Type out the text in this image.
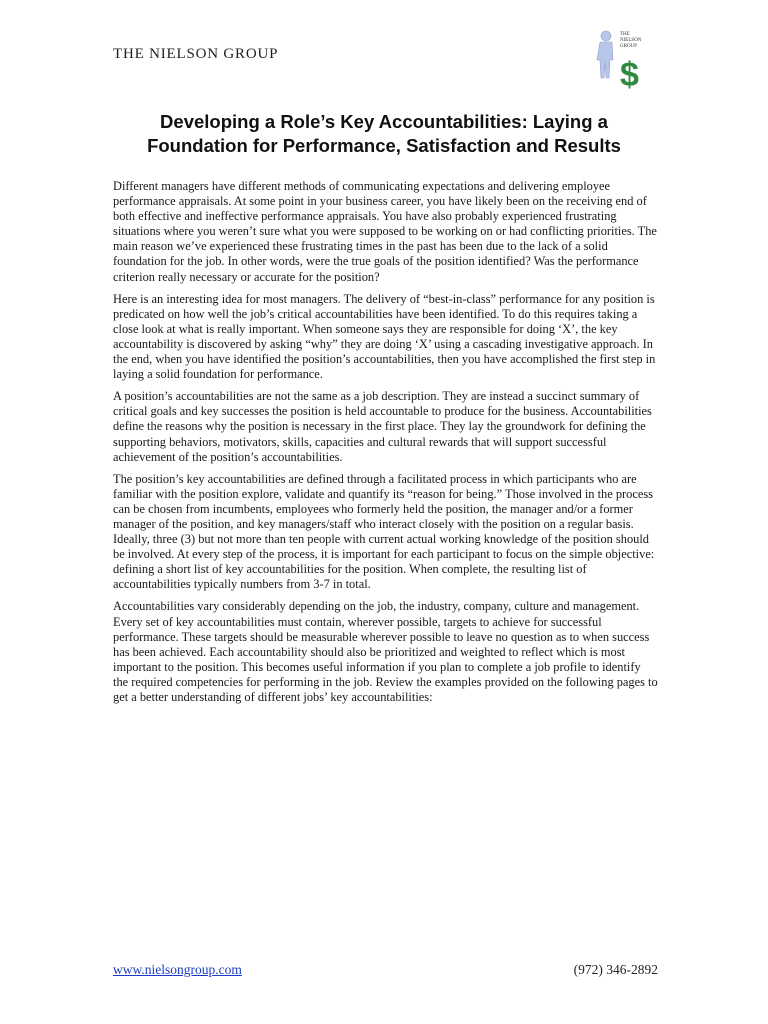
THE NIELSON GROUP
$
THE
NIELSON
GROUP
Developing a Role’s Key Accountabilities: Laying a
Foundation for Performance, Satisfaction and Results

Different managers have different methods of communicating expectations and delivering employee performance appraisals. At some point in your business career, you have likely been on the receiving end of both effective and ineffective performance appraisals. You have also probably experienced frustrating situations where you weren’t sure what you were supposed to be working on or had conflicting priorities. The main reason we’ve experienced these frustrating times in the past has been due to the lack of a solid foundation for the job. In other words, were the true goals of the position identified? Was the performance criterion really necessary or accurate for the position?

Here is an interesting idea for most managers. The delivery of “best-in-class” performance for any position is predicated on how well the job’s critical accountabilities have been identified. To do this requires taking a close look at what is really important. When someone says they are responsible for doing ‘X’, the key accountability is discovered by asking “why” they are doing ‘X’ using a cascading investigative approach. In the end, when you have identified the position’s accountabilities, then you have accomplished the first step in laying a solid foundation for performance.

A position’s accountabilities are not the same as a job description. They are instead a succinct summary of critical goals and key successes the position is held accountable to produce for the business. Accountabilities define the reasons why the position is necessary in the first place. They lay the groundwork for defining the supporting behaviors, motivators, skills, capacities and cultural rewards that will support successful achievement of the position’s accountabilities.

The position’s key accountabilities are defined through a facilitated process in which participants who are familiar with the position explore, validate and quantify its “reason for being.” Those involved in the process can be chosen from incumbents, employees who formerly held the position, the manager and/or a former manager of the position, and key managers/staff who interact closely with the position on a regular basis. Ideally, three (3) but not more than ten people with current actual working knowledge of the position should be involved. At every step of the process, it is important for each participant to focus on the simple objective: defining a short list of key accountabilities for the position. When complete, the resulting list of accountabilities typically numbers from 3-7 in total.

Accountabilities vary considerably depending on the job, the industry, company, culture and management. Every set of key accountabilities must contain, wherever possible, targets to achieve for successful performance. These targets should be measurable wherever possible to leave no question as to when success has been achieved. Each accountability should also be prioritized and weighted to reflect which is most important to the position. This becomes useful information if you plan to complete a job profile to identify the required competencies for performing in the job. Review the examples provided on the following pages to get a better understanding of different jobs’ key accountabilities:

www.nielsongroup.com	(972) 346-2892
